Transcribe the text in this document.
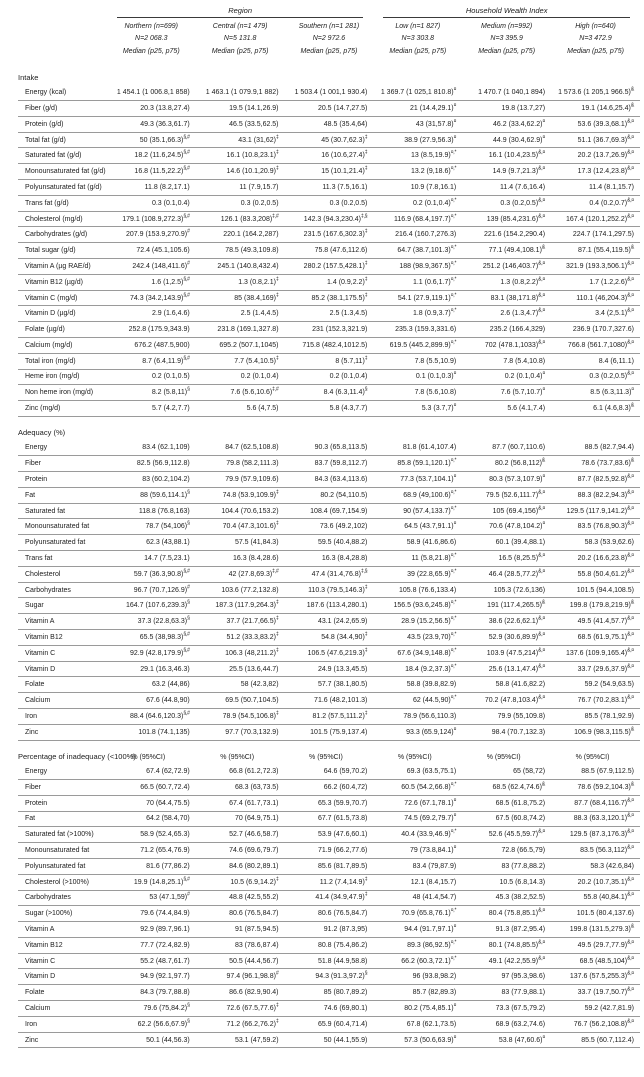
	Region			Household Wealth Index		

Northern (n=699)
N=2 068.3
Median (p25, p75)

Central (n=1 479)
N=5 131.8
Median (p25, p75)

Southern (n=1 281)
N=2 972.6
Median (p25, p75)

Low (n=1 827)
N=3 303.8
Median (p25, p75)

Medium (n=992)
N=3 395.9
Median (p25, p75)

High (n=640)
N=3 472.9
Median (p25, p75)

Intake						
Energy (kcal)	1 454.1 (1 006.8,1 858)	1 463.1 (1 079.9,1 882)	1 503.4 (1 001,1 930.4)	1 369.7 (1 025,1 810.8)¤	1 470.7 (1 040,1 894)	1 573.6 (1 205,1 966.5)&
Fiber (g/d)	20.3 (13.8,27.4)	19.5 (14.1,26.9)	20.5 (14.7,27.5)	21 (14.4,29.1)¤	19.8 (13.7,27)	19.1 (14.6,25.4)&
Protein (g/d)	49.3 (36.3,61.7)	46.5 (33.5,62.5)	48.5 (35.4,64)	43 (31,57.8)¤	46.2 (33.4,62.2)¤	53.6 (39.3,68.1)&,¤
Total fat (g/d)	50 (35.1,66.3)§,#	43.1 (31,62)‡	45 (30.7,62.3)‡	38.9 (27.9,56.3)¤	44.9 (30.4,62.9)¤	51.1 (36.7,69.3)&,¤
Saturated fat (g/d)	18.2 (11.6,24.5)§,#	16.1 (10.8,23.1)‡	16 (10.6,27.4)‡	13 (8.5,19.9)¤,*	16.1 (10.4,23.5)&,¤	20.2 (13.7,26.9)&,¤
Monounsaturated fat (g/d)	16.8 (11.5,22.2)§,#	14.6 (10.1,20.9)‡	15 (10.1,21.4)‡	13.2 (9,18.6)¤,*	14.9 (9.7,21.3)&,¤	17.3 (12.4,23.8)&,¤
Polyunsaturated fat (g/d)	11.8 (8.2,17.1)	11 (7.9,15.7)	11.3 (7.5,16.1)	10.9 (7.8,16.1)	11.4 (7.6,16.4)	11.4 (8.1,15.7)
Trans fat (g/d)	0.3 (0.1,0.4)	0.3 (0.2,0.5)	0.3 (0.2,0.5)	0.2 (0.1,0.4)¤,*	0.3 (0.2,0.5)&,¤	0.4 (0.2,0.7)&,¤
Cholesterol (mg/d)	179.1 (108.9,272.3)§,#	126.1 (83.3,208)‡,#	142.3 (94.3,230.4)‡,§	116.9 (68.4,197.7)¤,*	139 (85.4,231.6)&,¤	167.4 (120.1,252.2)&,¤
Carbohydrates (g/d)	207.9 (153.9,270.9)#	220.1 (164.2,287)	231.5 (167.6,302.3)‡	216.4 (160.7,276.3)	221.6 (154.2,290.4)	224.7 (174.1,297.5)
Total sugar (g/d)	72.4 (45.1,105.6)	78.5 (49.3,109.8)	75.8 (47.6,112.6)	64.7 (38.7,101.3)¤,*	77.1 (49.4,108.1)&	87.1 (55.4,119.5)&
Vitamin A (µg RAE/d)	242.4 (148,411.6)#	245.1 (140.8,432.4)	280.2 (157.5,428.1)‡	188 (98.9,367.5)¤,*	251.2 (146,403.7)&,¤	321.9 (193.3,506.1)&,¤
Vitamin B12 (µg/d)	1.6 (1,2.5)§,#	1.3 (0.8,2.1)‡	1.4 (0.9,2.2)‡	1.1 (0.6,1.7)¤,*	1.3 (0.8,2.2)&,¤	1.7 (1.2,2.6)&,¤
Vitamin C (mg/d)	74.3 (34.2,143.9)§,#	85 (38.4,169)‡	85.2 (38.1,175.5)‡	54.1 (27.9,119.1)¤,*	83.1 (38,171.8)&,¤	110.1 (46,204.3)&,¤
Vitamin D (µg/d)	2.9 (1.6,4.6)	2.5 (1.4,4.5)	2.5 (1.3,4.5)	1.8 (0.9,3.7)¤,*	2.6 (1.3,4.7)&,¤	3.4 (2,5.1)&,¤
Folate (µg/d)	252.8 (175.9,343.9)	231.8 (169.1,327.8)	231 (152.3,321.9)	235.3 (159.3,331.6)	235.2 (166.4,329)	236.9 (170.7,327.6)
Calcium (mg/d)	676.2 (487.5,900)	695.2 (507.1,1045)	715.8 (482.4,1012.5)	619.5 (445.2,899.9)¤,*	702 (478.1,1033)&,¤	766.8 (561.7,1080)&,¤
Total iron (mg/d)	8.7 (6.4,11.9)§,#	7.7 (5.4,10.5)‡	8 (5.7,11)‡	7.8 (5.5,10.9)	7.8 (5.4,10.8)	8.4 (6,11.1)
Heme iron (mg/d)	0.2 (0.1,0.5)	0.2 (0.1,0.4)	0.2 (0.1,0.4)	0.1 (0.1,0.3)¤	0.2 (0.1,0.4)¤	0.3 (0.2,0.5)&,¤
Non heme iron (mg/d)	8.2 (5.8,11)§	7.6 (5.6,10.6)‡,#	8.4 (6.3,11.4)§	7.8 (5.6,10.8)	7.6 (5.7,10.7)¤	8.5 (6.3,11.3)¤
Zinc (mg/d)	5.7 (4.2,7.7)	5.6 (4,7.5)	5.8 (4.3,7.7)	5.3 (3.7,7)¤	5.6 (4.1,7.4)	6.1 (4.6,8.3)&
Adequacy (%)						
Energy	83.4 (62.1,109)	84.7 (62.5,108.8)	90.3 (65.8,113.5)	81.8 (61.4,107.4)	87.7 (60.7,110.6)	88.5 (82.7,94.4)
Fiber	82.5 (56.9,112.8)	79.8 (58.2,111.3)	83.7 (59.8,112.7)	85.8 (59.1,120.1)¤,*	80.2 (56.8,112)&	78.6 (73.7,83.6)&
Protein	83 (60.2,104.2)	79.9 (57.9,109.6)	84.3 (63.4,113.6)	77.3 (53.7,104.1)¤	80.3 (57.3,107.9)¤	87.7 (82.5,92.8)&,¤
Fat	88 (59.6,114.1)§	74.8 (53.9,109.9)‡	80.2 (54,110.5)	68.9 (49,100.6)¤,*	79.5 (52.6,111.7)&,¤	88.3 (82.2,94.3)&,¤
Saturated fat	118.8 (76.8,163)	104.4 (70.6,153.2)	108.4 (69.7,154.9)	90 (57.4,133.7)¤,*	105 (69.4,156)&,¤	129.5 (117.9,141.2)&,¤
Monounsaturated fat	78.7 (54,106)§	70.4 (47.3,101.6)‡	73.6 (49.2,102)	64.5 (43.7,91.1)¤	70.6 (47.8,104.2)¤	83.5 (76.8,90.3)&,¤
Polyunsaturated fat	62.3 (43,88.1)	57.5 (41,84.3)	59.5 (40.4,88.2)	58.9 (41.6,86.6)	60.1 (39.4,88.1)	58.3 (53.9,62.6)
Trans fat	14.7 (7.5,23.1)	16.3 (8.4,28.6)	16.3 (8.4,28.8)	11 (5.8,21.8)¤,*	16.5 (8,25.5)&,¤	20.2 (16.6,23.8)&,¤
Cholesterol	59.7 (36.3,90.8)§,#	42 (27.8,69.3)‡,#	47.4 (31.4,76.8)‡,§	39 (22.8,65.9)¤,*	46.4 (28.5,77.2)&,¤	55.8 (50.4,61.2)&,¤
Carbohydrates	96.7 (70.7,126.9)#	103.6 (77.2,132.8)	110.3 (79.5,146.3)‡	105.8 (76.6,133.4)	105.3 (72.6,136)	101.5 (94.4,108.5)
Sugar	164.7 (107.6,239.3)§	187.3 (117.9,264.3)‡	187.6 (113.4,280.1)	156.5 (93.6,245.8)¤,*	191 (117.4,265.5)&	199.8 (179.8,219.9)&
Vitamin A	37.3 (22.8,63.3)§	37.7 (21.7,66.5)‡	43.1 (24.2,65.9)	28.9 (15.2,56.5)¤,*	38.6 (22.6,62.1)&,¤	49.5 (41.4,57.7)&,¤
Vitamin B12	65.5 (38,98.3)§,#	51.2 (33.3,83.2)‡	54.8 (34.4,90)‡	43.5 (23.9,70)¤,*	52.9 (30.6,89.9)&,¤	68.5 (61.9,75.1)&,¤
Vitamin C	92.9 (42.8,179.9)§,#	106.3 (48,211.2)‡	106.5 (47.6,219.3)‡	67.6 (34.9,148.8)¤,*	103.9 (47.5,214)&,¤	137.6 (109.9,165.4)&,¤
Vitamin D	29.1 (16.3,46.3)	25.5 (13.6,44.7)	24.9 (13.3,45.5)	18.4 (9.2,37.3)¤,*	25.6 (13.1,47.4)&,¤	33.7 (29.6,37.9)&,¤
Folate	63.2 (44,86)	58 (42.3,82)	57.7 (38.1,80.5)	58.8 (39.8,82.9)	58.8 (41.6,82.2)	59.2 (54.9,63.5)
Calcium	67.6 (44.8,90)	69.5 (50.7,104.5)	71.6 (48.2,101.3)	62 (44.5,90)¤,*	70.2 (47.8,103.4)&,¤	76.7 (70.2,83.1)&,¤
Iron	88.4 (64.6,120.3)§,#	78.9 (54.5,106.8)‡	81.2 (57.5,111.2)‡	78.9 (56.6,110.3)	79.9 (55,109.8)	85.5 (78.1,92.9)
Zinc	101.8 (74.1,135)	97.7 (70.3,132.9)	101.5 (75.9,137.4)	93.3 (65.9,124)¤	98.4 (70.7,132.3)	106.9 (98.3,115.5)&
Percentage of inadequacy (<100%)	% (95%CI)	% (95%CI)	% (95%CI)	% (95%CI)	% (95%CI)	% (95%CI)
Energy	67.4 (62,72.9)	66.8 (61.2,72.3)	64.6 (59,70.2)	69.3 (63.5,75.1)	65 (58,72)	88.5 (67.9,112.5)
Fiber	66.5 (60.7,72.4)	68.3 (63,73.5)	66.2 (60.4,72)	60.5 (54.2,66.8)¤,*	68.5 (62.4,74.6)&	78.6 (59.2,104.3)&
Protein	70 (64.4,75.5)	67.4 (61.7,73.1)	65.3 (59.9,70.7)	72.6 (67.1,78.1)¤	68.5 (61.8,75.2)	87.7 (68.4,116.7)&,¤
Fat	64.2 (58.4,70)	70 (64.9,75.1)	67.7 (61.5,73.8)	74.5 (69.2,79.7)¤	67.5 (60.8,74.2)	88.3 (63.3,120.1)&,¤
Saturated fat (>100%)	58.9 (52.4,65.3)	52.7 (46.6,58.7)	53.9 (47.6,60.1)	40.4 (33.9,46.9)¤,*	52.6 (45.5,59.7)&,¤	129.5 (87.3,176.3)&,¤
Monounsaturated fat	71.2 (65.4,76.9)	74.6 (69.6,79.7)	71.9 (66.2,77.6)	79 (73.8,84.1)¤	72.8 (66.5,79)	83.5 (56.3,112)&,¤
Polyunsaturated fat	81.6 (77,86.2)	84.6 (80.2,89.1)	85.6 (81.7,89.5)	83.4 (79,87.9)	83 (77.8,88.2)	58.3 (42.6,84)
Cholesterol (>100%)	19.9 (14.8,25.1)§,#	10.5 (6.9,14.2)‡	11.2 (7.4,14.9)‡	12.1 (8.4,15.7)	10.5 (6.8,14.3)	20.2 (10.7,35.1)&,¤
Carbohydrates	53 (47.1,59)#	48.8 (42.5,55.2)	41.4 (34.9,47.9)‡	48 (41.4,54.7)	45.3 (38.2,52.5)	55.8 (40,84.1)&,¤
Sugar (>100%)	79.6 (74.4,84.9)	80.6 (76.5,84.7)	80.6 (76.5,84.7)	70.9 (65.8,76.1)¤,*	80.4 (75.8,85.1)&,¤	101.5 (80.4,137.6)
Vitamin A	92.9 (89.7,96.1)	91 (87.5,94.5)	91.2 (87.3,95)	94.4 (91.7,97.1)¤	91.3 (87.2,95.4)	199.8 (131.5,279.3)&
Vitamin B12	77.7 (72.4,82.9)	83 (78.6,87.4)	80.8 (75.4,86.2)	89.3 (86,92.5)¤,*	80.1 (74.8,85.5)&,¤	49.5 (29.7,77.9)&,¤
Vitamin C	55.2 (48.7,61.7)	50.5 (44.4,56.7)	51.8 (44.9,58.8)	66.2 (60.3,72.1)¤,*	49.1 (42.2,55.9)&,¤	68.5 (48.5,104)&,¤
Vitamin D	94.9 (92.1,97.7)	97.4 (96.1,98.8)#	94.3 (91.3,97.2)§	96 (93.8,98.2)	97 (95.3,98.6)	137.6 (57.5,255.3)&,¤
Folate	84.3 (79.7,88.8)	86.6 (82.9,90.4)	85 (80.7,89.2)	85.7 (82,89.3)	83 (77.9,88.1)	33.7 (19.7,50.7)&,¤
Calcium	79.6 (75,84.2)§	72.6 (67.5,77.6)‡	74.6 (69,80.1)	80.2 (75.4,85.1)¤	73.3 (67.5,79.2)	59.2 (42.7,81.9)
Iron	62.2 (56.6,67.9)§	71.2 (66.2,76.2)‡	65.9 (60.4,71.4)	67.8 (62.1,73.5)	68.9 (63.2,74.6)	76.7 (56.2,108.8)&,¤
Zinc	50.1 (44,56.3)	53.1 (47,59.2)	50 (44.1,55.9)	57.3 (50.6,63.9)¤	53.8 (47,60.6)¤	85.5 (60.7,112.4)
